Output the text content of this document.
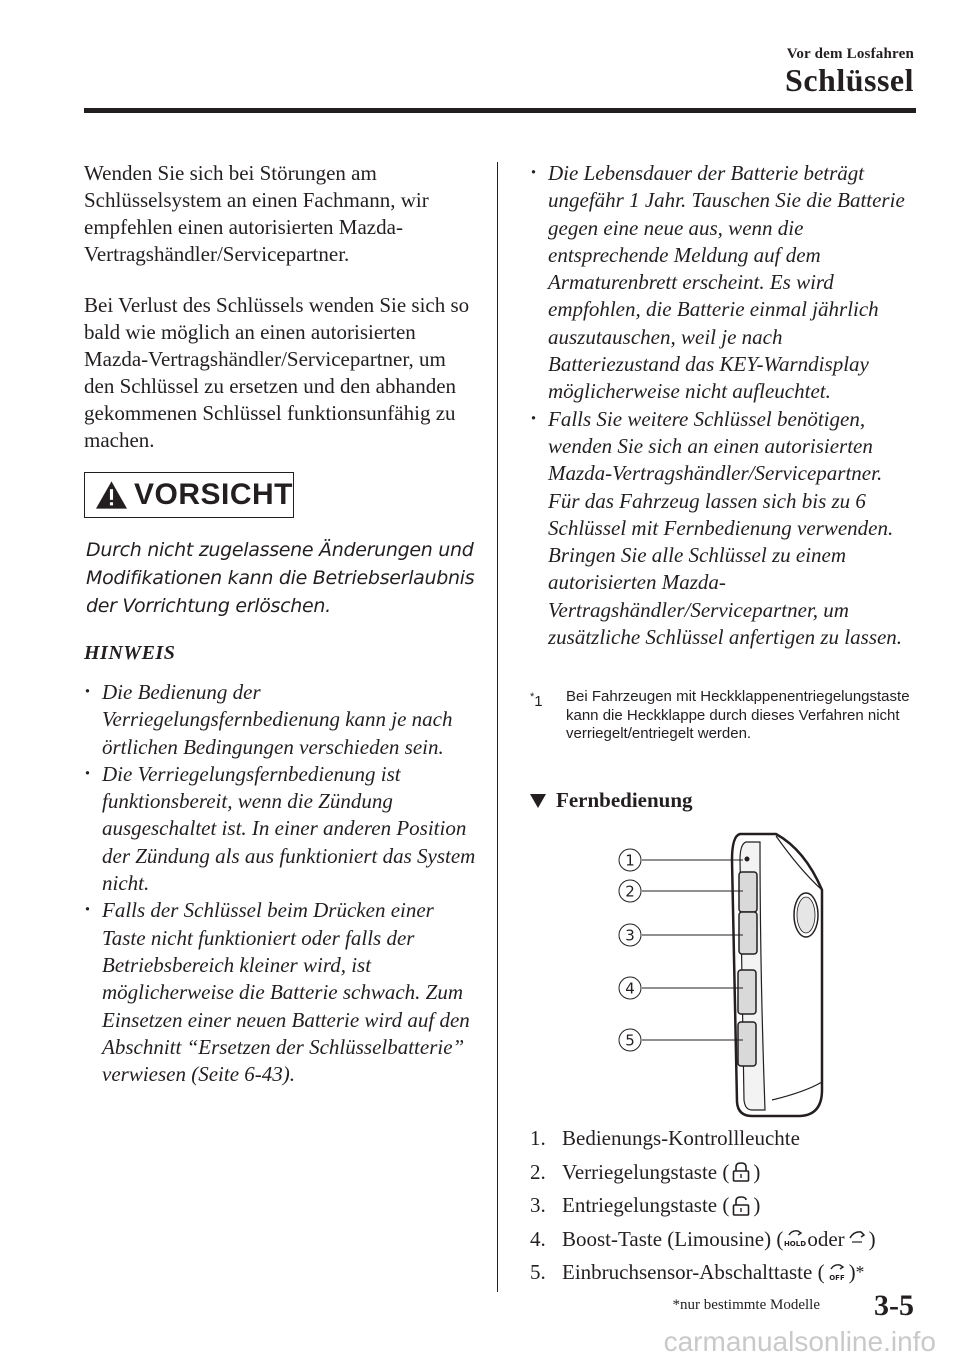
Vor dem Losfahren
Schlüssel

Wenden Sie sich bei Störungen am Schlüsselsystem an einen Fachmann, wir empfehlen einen autorisierten Mazda-Vertragshändler/Servicepartner.

Bei Verlust des Schlüssels wenden Sie sich so bald wie möglich an einen autorisierten Mazda-Vertragshändler/Servicepartner, um den Schlüssel zu ersetzen und den abhanden gekommenen Schlüssel funktionsunfähig zu machen.

VORSICHT

Durch nicht zugelassene Änderungen und Modifikationen kann die Betriebserlaubnis der Vorrichtung erlöschen.

HINWEIS
· Die Bedienung der Verriegelungsfernbedienung kann je nach örtlichen Bedingungen verschieden sein.
· Die Verriegelungsfernbedienung ist funktionsbereit, wenn die Zündung ausgeschaltet ist. In einer anderen Position der Zündung als aus funktioniert das System nicht.
· Falls der Schlüssel beim Drücken einer Taste nicht funktioniert oder falls der Betriebsbereich kleiner wird, ist möglicherweise die Batterie schwach. Zum Einsetzen einer neuen Batterie wird auf den Abschnitt “Ersetzen der Schlüsselbatterie” verwiesen (Seite 6-43).
· Die Lebensdauer der Batterie beträgt ungefähr 1 Jahr. Tauschen Sie die Batterie gegen eine neue aus, wenn die entsprechende Meldung auf dem Armaturenbrett erscheint. Es wird empfohlen, die Batterie einmal jährlich auszutauschen, weil je nach Batteriezustand das KEY-Warndisplay möglicherweise nicht aufleuchtet.
· Falls Sie weitere Schlüssel benötigen, wenden Sie sich an einen autorisierten Mazda-Vertragshändler/Servicepartner. Für das Fahrzeug lassen sich bis zu 6 Schlüssel mit Fernbedienung verwenden. Bringen Sie alle Schlüssel zu einem autorisierten Mazda-Vertragshändler/Servicepartner, um zusätzliche Schlüssel anfertigen zu lassen.
*1	Bei Fahrzeugen mit Heckklappenentriegelungstaste kann die Heckklappe durch dieses Verfahren nicht verriegelt/entriegelt werden.
Fernbedienung
1
2
3
4
5
1. Bedienungs-Kontrollleuchte
2. Verriegelungstaste ( )
3. Entriegelungstaste ( )
4. Boost-Taste (Limousine) ( HOLD oder )
5. Einbruchsensor-Abschalttaste ( OFF ) *
*nur bestimmte Modelle 3-5
carmanualsonline.info
